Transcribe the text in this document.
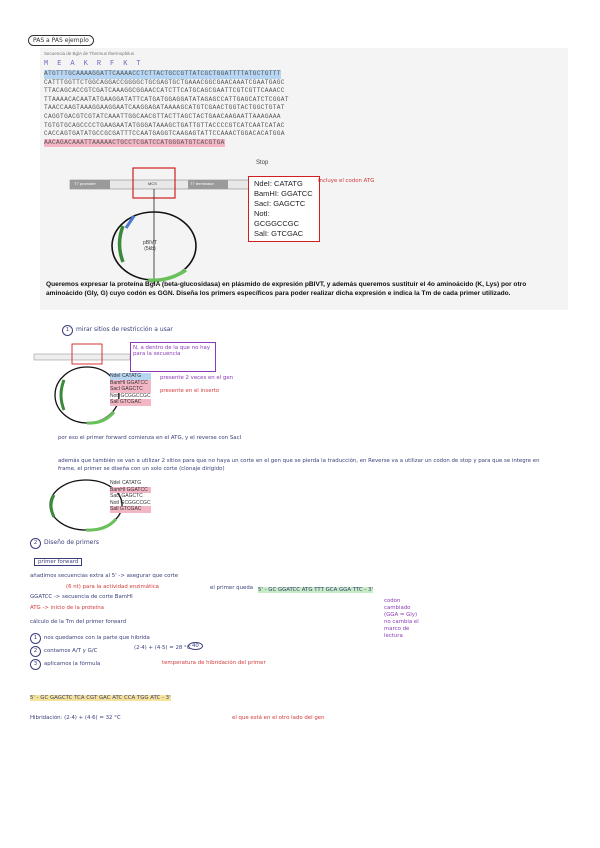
PAS a PAS ejemplo
Secuencia de BglA de Thermus thermophilus
MEAKRFKT
ATGTTTGCAAAAGGATTCAAAACCTCTTACTGCCGTTATCGCTGGATTTTATGCTGTTT

CATTTGGTTCTGGCAGGACCGGGGCTGCGAGTGCTGAAACGGCGAACAAATCGAATGAGC
TTACAGCACCGTCGATCAAAGGCGGAACCATCTTCATGCAGCGAATTCGTCGTTCAAACC
TTAAAACACAATATGAAGGATATTCATGATGGAGGATATAGAGCCATTGAGCATCTCGGAT
TAACCAAGTAAAGGAAGGAATCAAGGAGATAAAAGCATGTCGAACTGGTACTGGCTGTAT
CAGGTGACGTCGTATCAAATTGGCAACGTTACTTAGCTACTGAACAAGAATTAAAGAAA
TGTGTGCAGCCCCTGAAGAATATGGGATAAAGCTGATTGTTACCCCGTCATCAATCATAC
CACCAGTGATATGCCGCGATTTCCAATGAGGTCAAGAGTATTCCAAACTGGACACATGGA
AACAGACAAATTAAAAACTGCCTCGATCCATGGGATGTCACGTGA
Stop
T7 promoter	MCS	T7 terminator
pBIVT
(5kb)
NdeI: CATATG
BamHI: GGATCC
SacI: GAGCTC
NotI: GCGGCCGC
SalI: GTCGAC
incluye el codon ATG
Queremos expresar la proteína BglA (beta-glucosidasa) en plásmido de expresión pBIVT, y además queremos sustituir el 4o aminoácido (K, Lys) por otro aminoácido (Gly, G) cuyo codón es GGN. Diseña los primers específicos para poder realizar dicha expresión e indica la Tm de cada primer utilizado.
1 mirar sitios de restricción a usar
N, a dentro de la que no hay para la secuencia
NdeI CATATG
BamHI GGATCC
SacI GAGCTC
NotI GCGGCCGC
SalI GTCGAC
presente 2 veces en el gen
presente en el inserto
por eso el primer forward comienza en el ATG, y el reverse con SacI
además que también se van a utilizar 2 sitios para que no haya un corte en el gen que se pierda la traducción, en Reverse va a utilizar un codon de stop y para que se integre en frame, el primer se diseña con un solo corte (clonaje dirigido)
NdeI CATATG
BamHI GGATCC
SacI GAGCTC
NotI GCGGCCGC
SalI GTCGAC
2 Diseño de primers
primer forward
añadimos secuencias extra al 5' -> asegurar que corte
(6 nt) para la actividad enzimática
GGATCC -> secuencia de corte BamHI
ATG -> inicio de la proteína
el primer queda 5' - GC GGATCC ATG TTT GCA GGA TTC - 3'
codon cambiado (GGA = Gly) no cambia el marco de lectura
cálculo de la Tm del primer forward
1 nos quedamos con la parte que hibrida
2 contamos A/T y G/C
3 aplicamos la fórmula
(2·4) + (4·5) = 28 °C 40
temperatura de hibridación del primer
5' - GC GAGCTC TCA CGT GAC ATC CCA TGG ATC - 3'
Hibridación: (2·4) + (4·6) = 32 °C	el que está en el otro lado del gen
